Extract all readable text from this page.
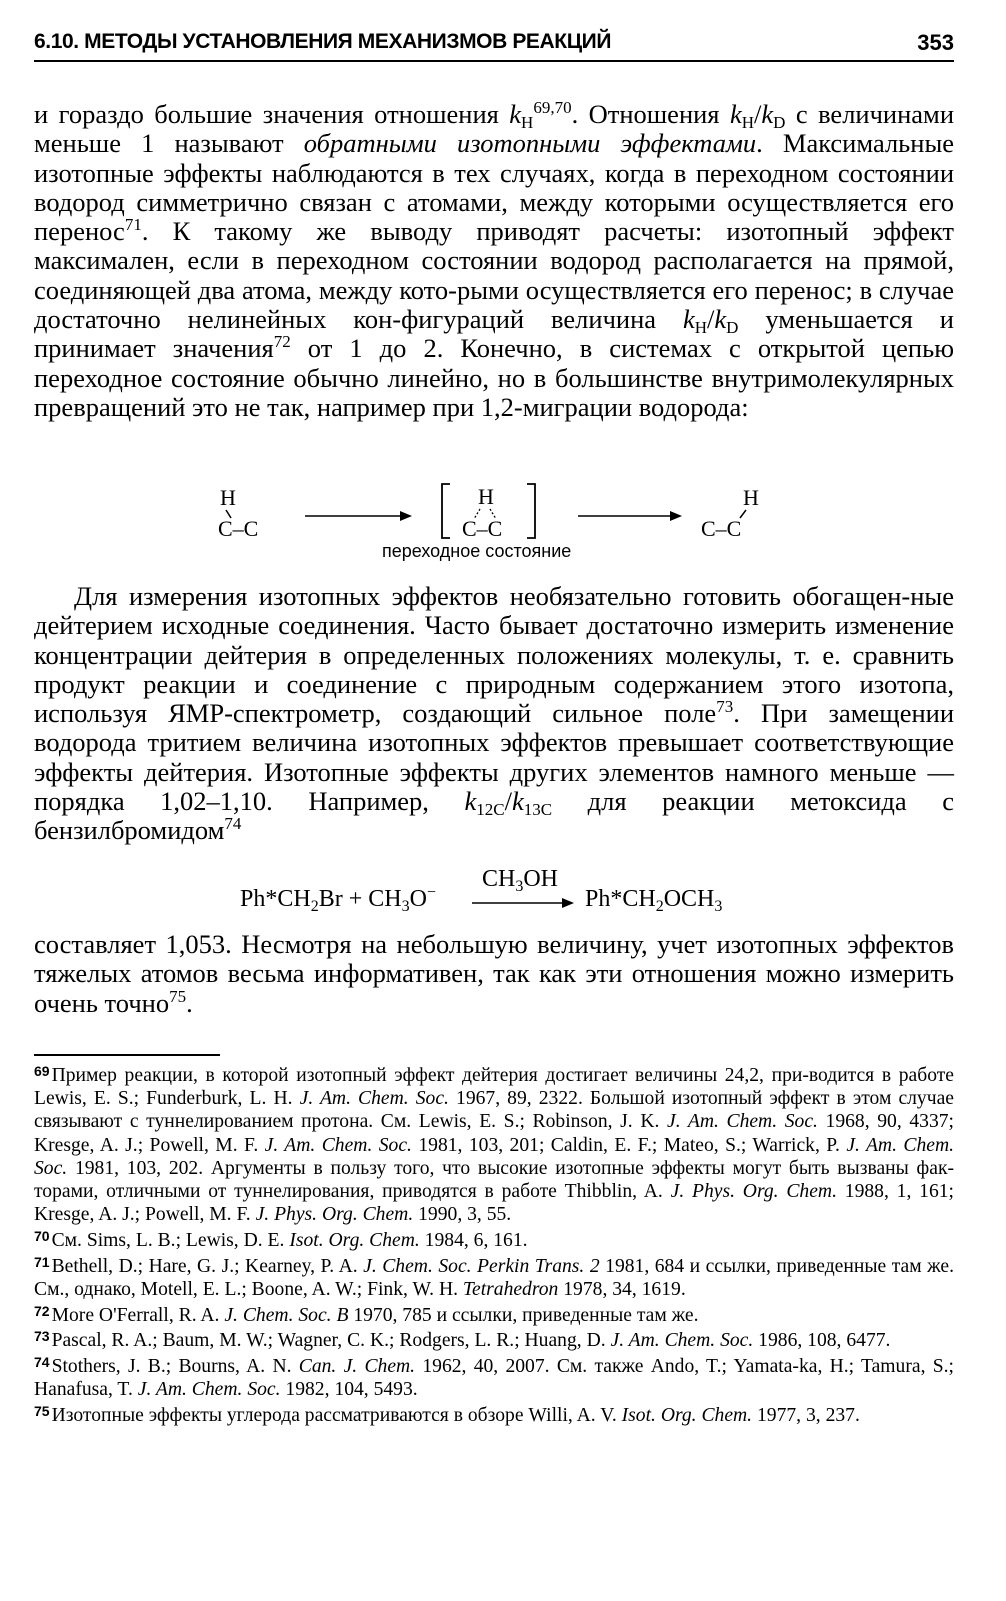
6.10. МЕТОДЫ УСТАНОВЛЕНИЯ МЕХАНИЗМОВ РЕАКЦИЙ	353

и гораздо большие значения отношения $k_H^{69,70}$. Отношения $k_H/k_D$ с величинами меньше 1 называют обратными изотопными эффектами. Максимальные изотопные эффекты наблюдаются в тех случаях, когда в переходном состоянии водород симметрично связан с атомами, между которыми осуществляется его перенос$^{71}$. К такому же выводу приводят расчеты: изотопный эффект максимален, если в переходном состоянии водород располагается на прямой, соединяющей два атома, между кото-рыми осуществляется его перенос; в случае достаточно нелинейных кон-фигураций величина $k_H/k_D$ уменьшается и принимает значения$^{72}$ от 1 до 2. Конечно, в системах с открытой цепью переходное состояние обычно линейно, но в большинстве внутримолекулярных превращений это не так, например при 1,2-миграции водорода:

H
C–C
H
C–C
H
C–C
переходное состояние

Для измерения изотопных эффектов необязательно готовить обогащен-ные дейтерием исходные соединения. Часто бывает достаточно измерить изменение концентрации дейтерия в определенных положениях молекулы, т. е. сравнить продукт реакции и соединение с природным содержанием этого изотопа, используя ЯМР-спектрометр, создающий сильное поле$^{73}$. При замещении водорода тритием величина изотопных эффектов превышает соответствующие эффекты дейтерия. Изотопные эффекты других элементов намного меньше — порядка 1,02–1,10. Например, $k_{12C}/k_{13C}$ для реакции метоксида с бензилбромидом$^{74}$

$Ph*CH_2Br + CH_3O^-$
$CH_3OH$
$Ph*CH_2OCH_3$

составляет 1,053. Несмотря на небольшую величину, учет изотопных эффектов тяжелых атомов весьма информативен, так как эти отношения можно измерить очень точно$^{75}$.

$^{69}$ Пример реакции, в которой изотопный эффект дейтерия достигает величины 24,2, при-водится в работе Lewis, E. S.; Funderburk, L. H. J. Am. Chem. Soc. 1967, 89, 2322. Большой изотопный эффект в этом случае связывают с туннелированием протона. См. Lewis, E. S.; Robinson, J. K. J. Am. Chem. Soc. 1968, 90, 4337; Kresge, A. J.; Powell, M. F. J. Am. Chem. Soc. 1981, 103, 201; Caldin, E. F.; Mateo, S.; Warrick, P. J. Am. Chem. Soc. 1981, 103, 202. Аргументы в пользу того, что высокие изотопные эффекты могут быть вызваны фак-торами, отличными от туннелирования, приводятся в работе Thibblin, A. J. Phys. Org. Chem. 1988, 1, 161; Kresge, A. J.; Powell, M. F. J. Phys. Org. Chem. 1990, 3, 55.

$^{70}$ См. Sims, L. B.; Lewis, D. E. Isot. Org. Chem. 1984, 6, 161.

$^{71}$ Bethell, D.; Hare, G. J.; Kearney, P. A. J. Chem. Soc. Perkin Trans. 2 1981, 684 и ссылки, приведенные там же. См., однако, Motell, E. L.; Boone, A. W.; Fink, W. H. Tetrahedron 1978, 34, 1619.

$^{72}$ More O'Ferrall, R. A. J. Chem. Soc. B 1970, 785 и ссылки, приведенные там же.

$^{73}$ Pascal, R. A.; Baum, M. W.; Wagner, C. K.; Rodgers, L. R.; Huang, D. J. Am. Chem. Soc. 1986, 108, 6477.

$^{74}$ Stothers, J. B.; Bourns, A. N. Can. J. Chem. 1962, 40, 2007. См. также Ando, T.; Yamata-ka, H.; Tamura, S.; Hanafusa, T. J. Am. Chem. Soc. 1982, 104, 5493.

$^{75}$ Изотопные эффекты углерода рассматриваются в обзоре Willi, A. V. Isot. Org. Chem. 1977, 3, 237.
